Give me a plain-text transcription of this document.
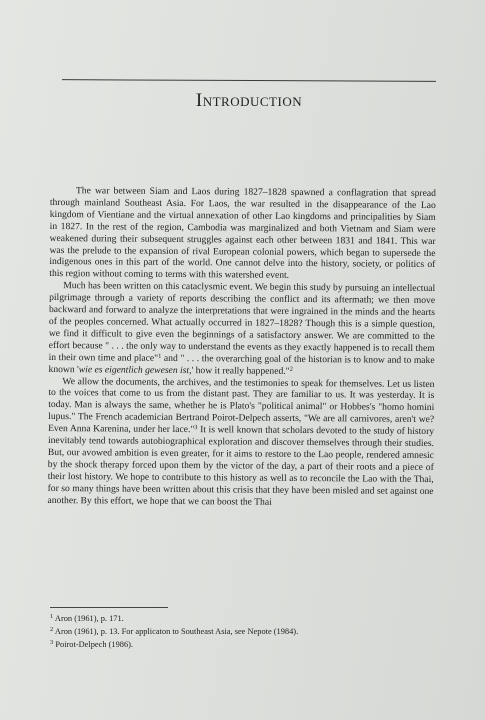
Introduction

The war between Siam and Laos during 1827–1828 spawned a conflagration that spread through mainland Southeast Asia. For Laos, the war resulted in the disappearance of the Lao kingdom of Vientiane and the virtual annexation of other Lao kingdoms and principalities by Siam in 1827. In the rest of the region, Cambodia was marginalized and both Vietnam and Siam were weakened during their subsequent struggles against each other between 1831 and 1841. This war was the prelude to the expansion of rival European colonial powers, which began to supersede the indigenous ones in this part of the world. One cannot delve into the history, society, or politics of this region without coming to terms with this watershed event.

Much has been written on this cataclysmic event. We begin this study by pursuing an intellectual pilgrimage through a variety of reports describing the conflict and its aftermath; we then move backward and forward to analyze the interpretations that were ingrained in the minds and the hearts of the peoples concerned. What actually occurred in 1827–1828? Though this is a simple question, we find it difficult to give even the beginnings of a satisfactory answer. We are committed to the effort because " . . . the only way to understand the events as they exactly happened is to recall them in their own time and place"$^1$ and " . . . the overarching goal of the historian is to know and to make known 'wie es eigentlich gewesen ist,' how it really happened."$^2$

We allow the documents, the archives, and the testimonies to speak for themselves. Let us listen to the voices that come to us from the distant past. They are familiar to us. It was yesterday. It is today. Man is always the same, whether he is Plato's "political animal" or Hobbes's "homo homini lupus." The French academician Bertrand Poirot-Delpech asserts, "We are all carnivores, aren't we? Even Anna Karenina, under her lace."$^3$ It is well known that scholars devoted to the study of history inevitably tend towards autobiographical exploration and discover themselves through their studies. But, our avowed ambition is even greater, for it aims to restore to the Lao people, rendered amnesic by the shock therapy forced upon them by the victor of the day, a part of their roots and a piece of their lost history. We hope to contribute to this history as well as to reconcile the Lao with the Thai, for so many things have been written about this crisis that they have been misled and set against one another. By this effort, we hope that we can boost the Thai

$^1$ Aron (1961), p. 171.
$^2$ Aron (1961), p. 13. For applicaton to Southeast Asia, see Nepote (1984).
$^3$ Poirot-Delpech (1986).
